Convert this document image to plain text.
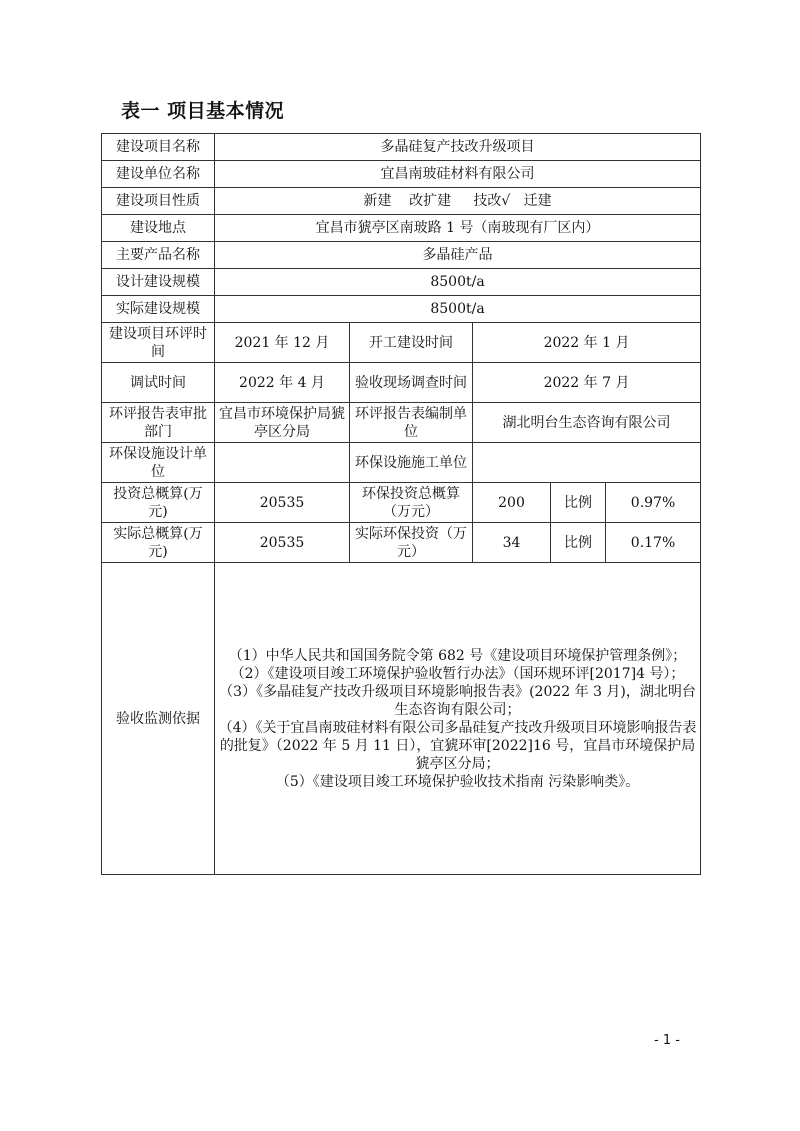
表一 项目基本情况
建设项目名称	多晶硅复产技改升级项目				
建设单位名称	宜昌南玻硅材料有限公司				
建设项目性质	新建    改扩建     技改√   迁建				
建设地点	宜昌市猇亭区南玻路 1 号（南玻现有厂区内）				
主要产品名称	多晶硅产品				
设计建设规模	8500t/a				
实际建设规模	8500t/a				
建设项目环评时间	2021 年 12 月	开工建设时间	2022 年 1 月		
调试时间	2022 年 4 月	验收现场调查时间	2022 年 7 月		
环评报告表审批部门	宜昌市环境保护局猇亭区分局	环评报告表编制单位	湖北明台生态咨询有限公司		
环保设施设计单位		环保设施施工单位			
投资总概算(万元)	20535	环保投资总概算（万元）	200	比例	0.97%
实际总概算(万元)	20535	实际环保投资（万元）	34	比例	0.17%
验收监测依据	（1）中华人民共和国国务院令第 682 号《建设项目环境保护管理条例》；

（2）《建设项目竣工环境保护验收暂行办法》（国环规环评[2017]4 号）；

（3）《多晶硅复产技改升级项目环境影响报告表》(2022 年 3 月)，湖北明台生态咨询有限公司；

（4）《关于宜昌南玻硅材料有限公司多晶硅复产技改升级项目环境影响报告表的批复》（2022 年 5 月 11 日），宜猇环审[2022]16 号，宜昌市环境保护局猇亭区分局；

（5）《建设项目竣工环境保护验收技术指南 污染影响类》。				

- 1 -
